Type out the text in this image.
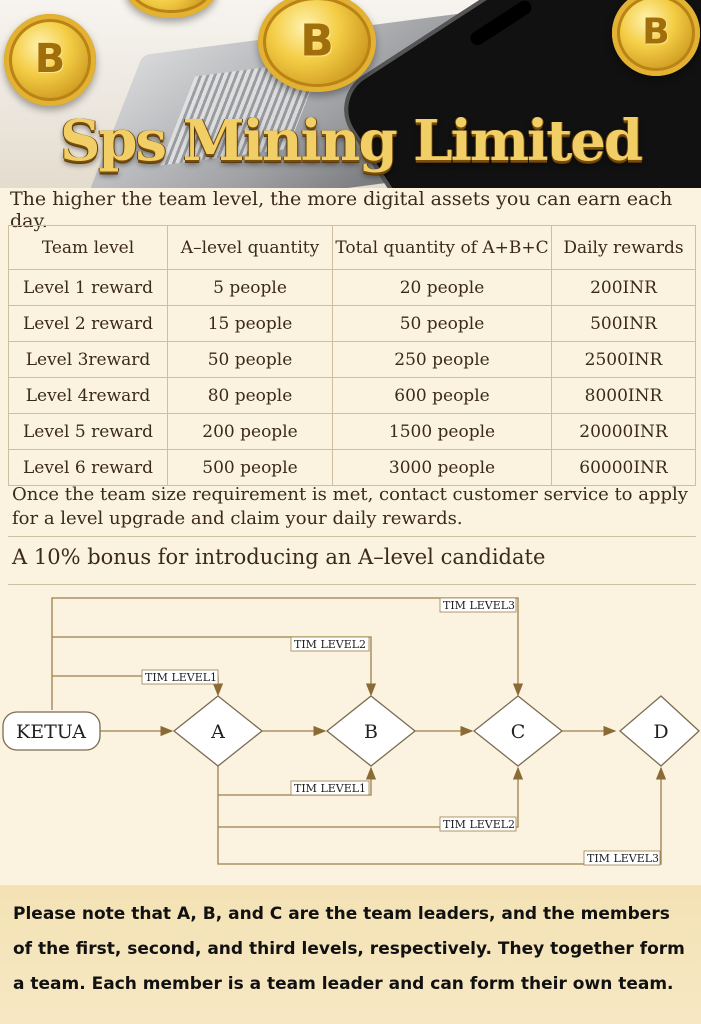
B	B	B
Sps Mining Limited
The higher the team level, the more digital assets you can earn each day.
Team level	A–level quantity	Total quantity of A+B+C	Daily rewards
Level 1 reward	5 people	20 people	200INR
Level 2 reward	15 people	50 people	500INR
Level 3reward	50 people	250 people	2500INR
Level 4reward	80 people	600 people	8000INR
Level 5 reward	200 people	1500 people	20000INR
Level 6 reward	500 people	3000 people	60000INR
Once the team size requirement is met, contact customer service to apply for a level upgrade and claim your daily rewards.
A 10% bonus for introducing an A–level candidate
KETUA	A	B	C	D
TIM LEVEL3
TIM LEVEL2
TIM LEVEL1
TIM LEVEL1
TIM LEVEL2
TIM LEVEL3

Please note that A, B, and C are the team leaders, and the members of the first, second, and third levels, respectively. They together form a team. Each member is a team leader and can form their own team.
